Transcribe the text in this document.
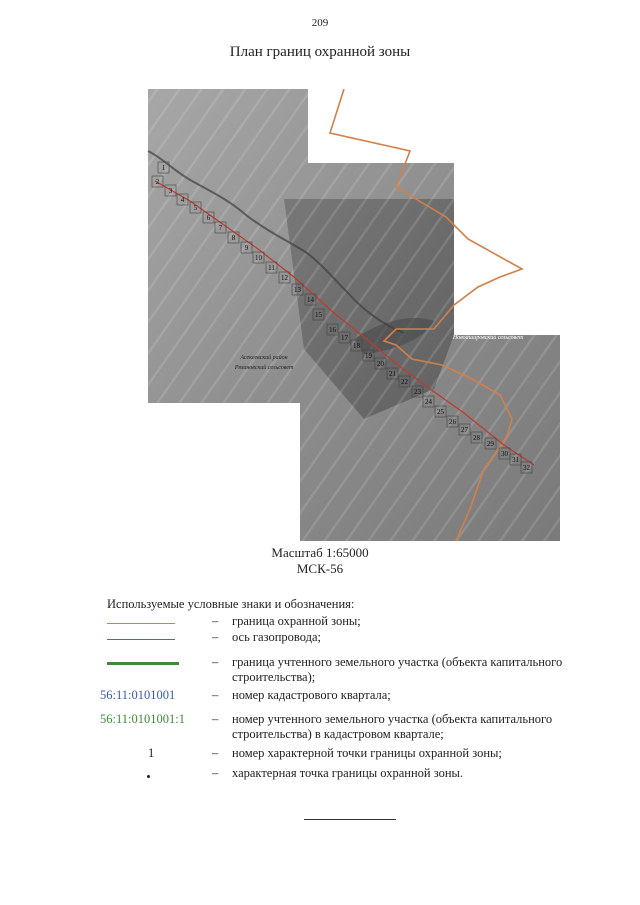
209
План границ охранной зоны
1
2
3
4
5
6
7
8
9
10
11
12
13
14
15
16
17
18
19
20
21
22
23
24
25
26
27
28
29
30
31
32
Асекеевский район
Рязановский сельсовет
Матвеевский район
Новоашировский сельсовет
Масштаб 1:65000
МСК-56
Используемые условные знаки и обозначения:
– граница охранной зоны;
– ось газопровода;
– граница учтенного земельного участка (объекта капитального строительства);
56:11:0101001	– номер кадастрового квартала;
56:11:0101001:1	– номер учтенного земельного участка (объекта капитального строительства) в кадастровом квартале;
1	– номер характерной точки границы охранной зоны;
– характерная точка границы охранной зоны.
